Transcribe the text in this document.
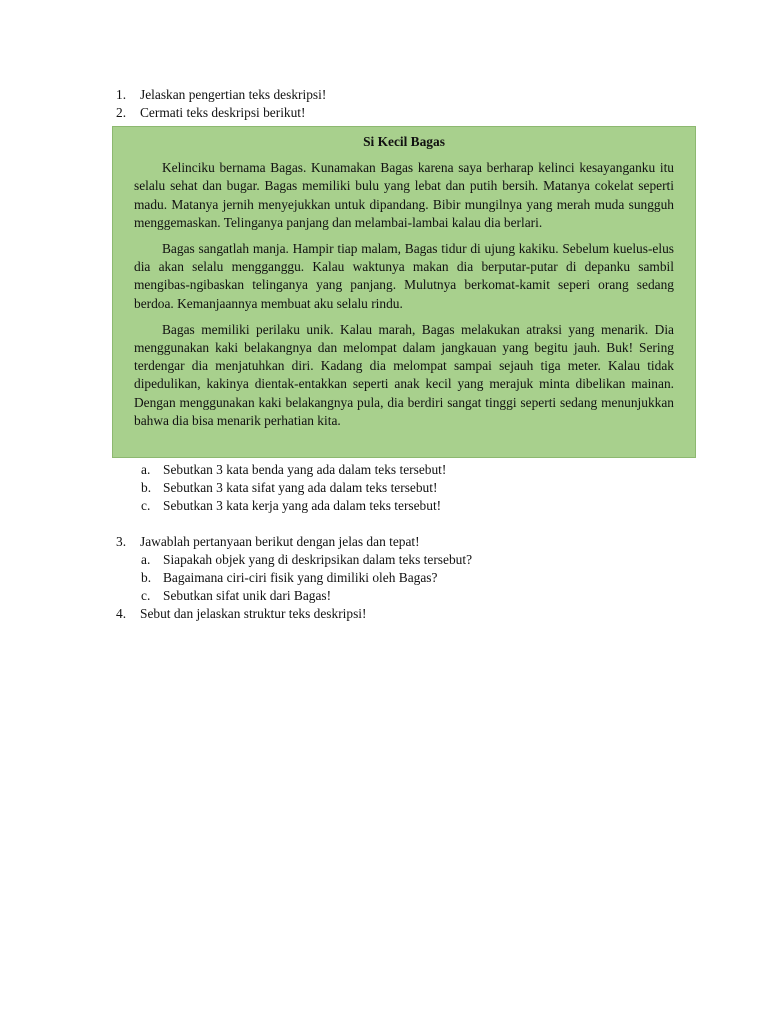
1. Jelaskan pengertian teks deskripsi!
2. Cermati teks deskripsi berikut!
Si Kecil Bagas

Kelinciku bernama Bagas. Kunamakan Bagas karena saya berharap kelinci kesayanganku itu selalu sehat dan bugar. Bagas memiliki bulu yang lebat dan putih bersih. Matanya cokelat seperti madu. Matanya jernih menyejukkan untuk dipandang. Bibir mungilnya yang merah muda sungguh menggemaskan. Telinganya panjang dan melambai-lambai kalau dia berlari.

Bagas sangatlah manja. Hampir tiap malam, Bagas tidur di ujung kakiku. Sebelum kuelus-elus dia akan selalu mengganggu. Kalau waktunya makan dia berputar-putar di depanku sambil mengibas-ngibaskan telinganya yang panjang. Mulutnya berkomat-kamit seperi orang sedang berdoa. Kemanjaannya membuat aku selalu rindu.

Bagas memiliki perilaku unik. Kalau marah, Bagas melakukan atraksi yang menarik. Dia menggunakan kaki belakangnya dan melompat dalam jangkauan yang begitu jauh. Buk! Sering terdengar dia menjatuhkan diri. Kadang dia melompat sampai sejauh tiga meter. Kalau tidak dipedulikan, kakinya dientak-entakkan seperti anak kecil yang merajuk minta dibelikan mainan. Dengan menggunakan kaki belakangnya pula, dia berdiri sangat tinggi seperti sedang menunjukkan bahwa dia bisa menarik perhatian kita.

a. Sebutkan 3 kata benda yang ada dalam teks tersebut!
b. Sebutkan 3 kata sifat yang ada dalam teks tersebut!
c. Sebutkan 3 kata kerja yang ada dalam teks tersebut!
3. Jawablah pertanyaan berikut dengan jelas dan tepat!
a. Siapakah objek yang di deskripsikan dalam teks tersebut?
b. Bagaimana ciri-ciri fisik yang dimiliki oleh Bagas?
c. Sebutkan sifat unik dari Bagas!
4. Sebut dan jelaskan struktur teks deskripsi!
